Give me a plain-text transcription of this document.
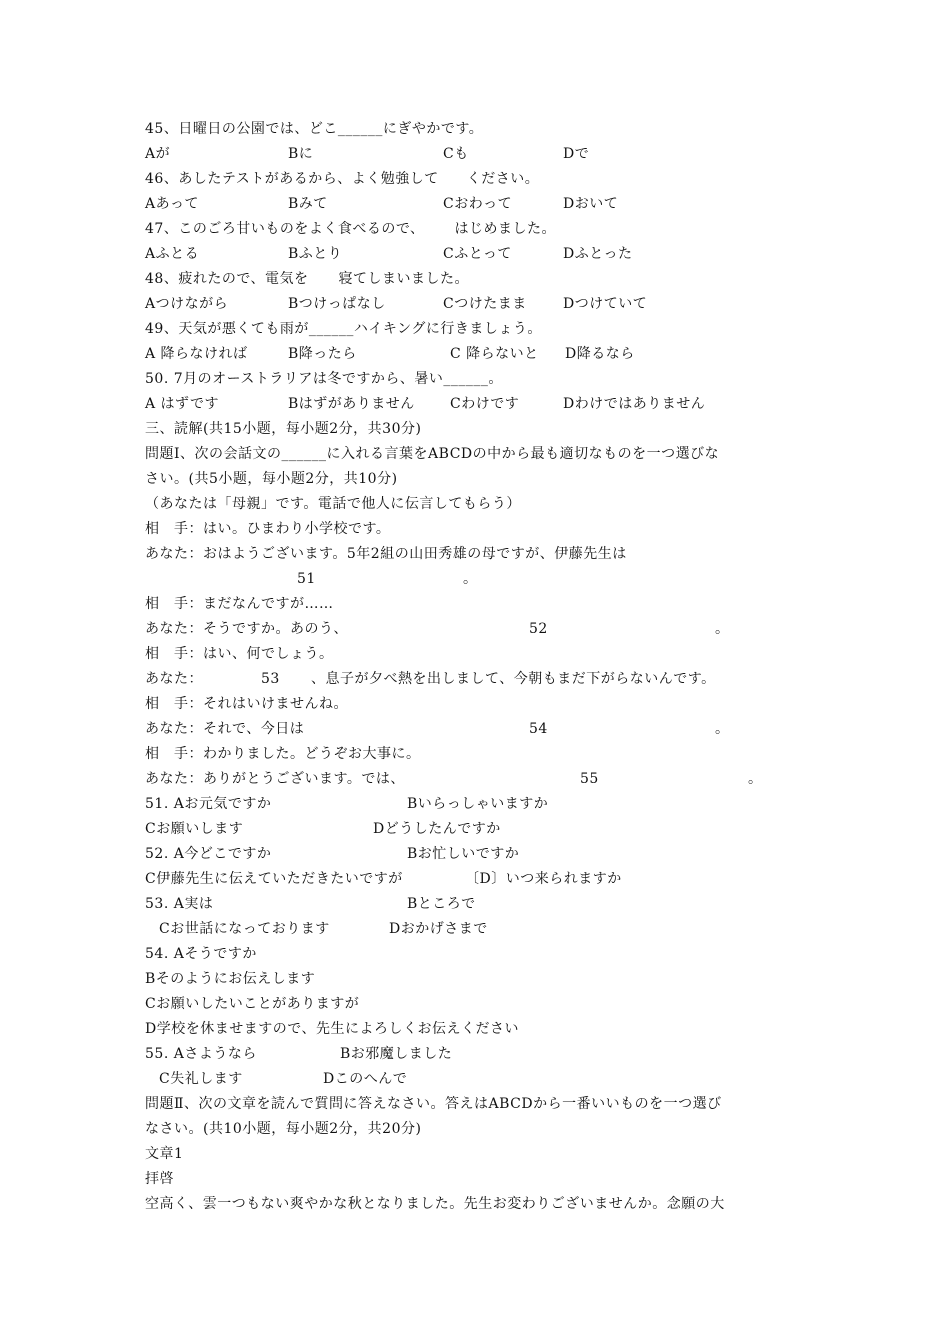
45、日曜日の公園では、どこ______にぎやかです。
Aが	Bに	Cも	Dで
46、あしたテストがあるから、よく勉強して ください。
Aあって	Bみて	Cおわって	Dおいて
47、このごろ甘いものをよく食べるので、 はじめました。
Aふとる	Bふとり	Cふとって	Dふとった
48、疲れたので、電気を 寝てしまいました。
Aつけながら	Bつけっぱなし	Cつけたまま	Dつけていて
49、天気が悪くても雨が______ハイキングに行きましょう。
A 降らなければ	B降ったら	C 降らないと D降るなら
50. 7月のオーストラリアは冬ですから、暑い______。
A はずです	Bはずがありません	Cわけです	Dわけではありません
三、読解(共15小题，每小题2分，共30分)
問題Ⅰ、次の会話文の______に入れる言葉をABCDの中から最も適切なものを一つ選びな
さい。(共5小题，每小题2分，共10分)
（あなたは「母親」です。電話で他人に伝言してもらう）
相　手：はい。ひまわり小学校です。
あなた：おはようございます。5年2組の山田秀雄の母ですが、伊藤先生は
51	。
相　手：まだなんですが……
あなた：そうですか。あのう、	52	。
相　手：はい、何でしょう。
あなた：	53 、息子が夕べ熱を出しまして、今朝もまだ下がらないんです。
相　手：それはいけませんね。
あなた：それで、今日は	54	。
相　手：わかりました。どうぞお大事に。
あなた：ありがとうございます。では、	55	。
51. Aお元気ですか	Bいらっしゃいますか
Cお願いします	Dどうしたんですか
52. A今どこですか	Bお忙しいですか
C伊藤先生に伝えていただきたいですが	〔D〕いつ来られますか
53. A実は	Bところで
Cお世話になっております	Dおかげさまで
54. Aそうですか
Bそのようにお伝えします
Cお願いしたいことがありますが
D学校を休ませますので、先生によろしくお伝えください
55. Aさようなら	Bお邪魔しました
C失礼します	Dこのへんで
問題Ⅱ、次の文章を読んで質問に答えなさい。答えはABCDから一番いいものを一つ選び
なさい。(共10小题，每小题2分，共20分)
文章1
拝啓
空高く、雲一つもない爽やかな秋となりました。先生お変わりございませんか。念願の大
